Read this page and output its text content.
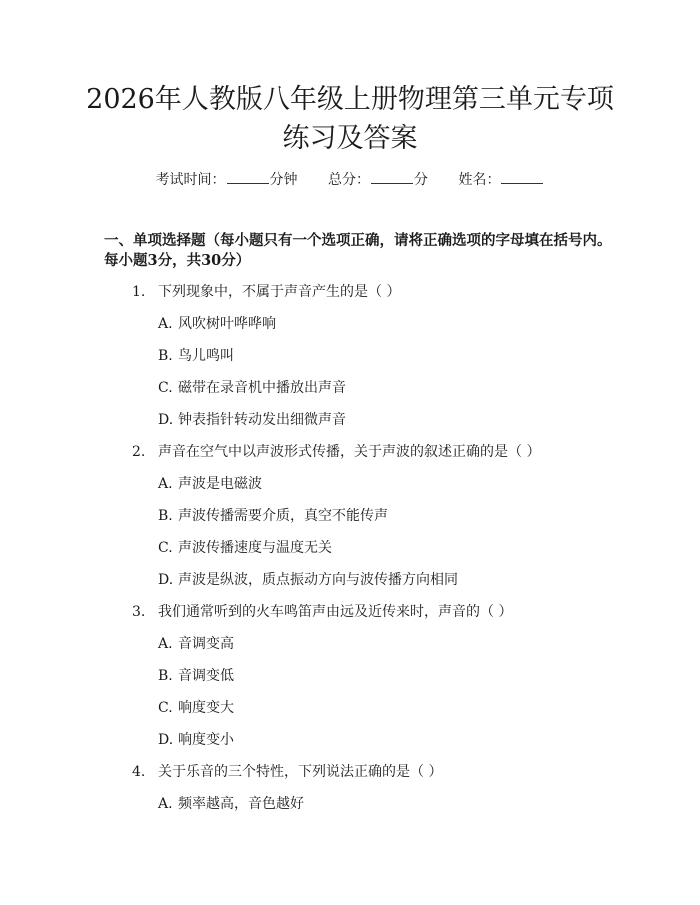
2026年人教版八年级上册物理第三单元专项
练习及答案
考试时间：	分钟 总分：	分 姓名：

一、单项选择题（每小题只有一个选项正确，请将正确选项的字母填在括号内。每小题3分，共30分）

1. 下列现象中，不属于声音产生的是（ ）
A. 风吹树叶哗哗响
B. 鸟儿鸣叫
C. 磁带在录音机中播放出声音
D. 钟表指针转动发出细微声音
2. 声音在空气中以声波形式传播，关于声波的叙述正确的是（ ）
A. 声波是电磁波
B. 声波传播需要介质，真空不能传声
C. 声波传播速度与温度无关
D. 声波是纵波，质点振动方向与波传播方向相同
3. 我们通常听到的火车鸣笛声由远及近传来时，声音的（ ）
A. 音调变高
B. 音调变低
C. 响度变大
D. 响度变小
4. 关于乐音的三个特性，下列说法正确的是（ ）
A. 频率越高，音色越好
